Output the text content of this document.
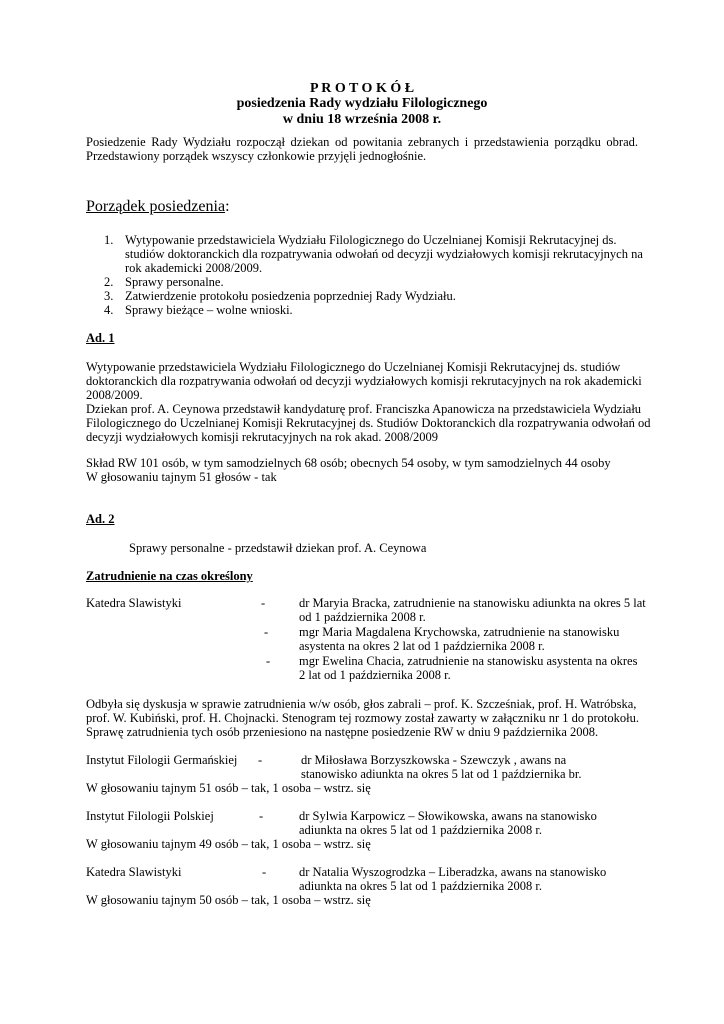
P R O T O K Ó Ł
posiedzenia Rady wydziału Filologicznego
w dniu 18 września 2008 r.
Posiedzenie Rady Wydziału rozpoczął dziekan od powitania zebranych i przedstawienia porządku obrad. Przedstawiony porządek wszyscy członkowie przyjęli jednogłośnie.
Porządek posiedzenia:
1. Wytypowanie przedstawiciela Wydziału Filologicznego do Uczelnianej Komisji Rekrutacyjnej ds.
studiów doktoranckich dla rozpatrywania odwołań od decyzji wydziałowych komisji rekrutacyjnych na
rok akademicki 2008/2009.
2. Sprawy personalne.
3. Zatwierdzenie protokołu posiedzenia poprzedniej Rady Wydziału.
4. Sprawy bieżące – wolne wnioski.
Ad. 1
Wytypowanie przedstawiciela Wydziału Filologicznego do Uczelnianej Komisji Rekrutacyjnej ds. studiów
doktoranckich dla rozpatrywania odwołań od decyzji wydziałowych komisji rekrutacyjnych na rok akademicki
2008/2009.
Dziekan prof. A. Ceynowa przedstawił kandydaturę prof. Franciszka Apanowicza na przedstawiciela Wydziału
Filologicznego do Uczelnianej Komisji Rekrutacyjnej ds. Studiów Doktoranckich dla rozpatrywania odwołań od
decyzji wydziałowych komisji rekrutacyjnych na rok akad. 2008/2009
Skład RW 101 osób, w tym samodzielnych 68 osób; obecnych 54 osoby, w tym samodzielnych 44 osoby
W głosowaniu tajnym 51 głosów - tak
Ad. 2
Sprawy personalne - przedstawił dziekan prof. A. Ceynowa
Zatrudnienie na czas określony
Katedra Slawistyki	-	dr Maryia Bracka, zatrudnienie na stanowisku adiunkta na okres 5 lat
od 1 października 2008 r.
- mgr Maria Magdalena Krychowska, zatrudnienie na stanowisku
asystenta na okres 2 lat od 1 października 2008 r.
- mgr Ewelina Chacia, zatrudnienie na stanowisku asystenta na okres
2 lat od 1 października 2008 r.
Odbyła się dyskusja w sprawie zatrudnienia w/w osób, głos zabrali – prof. K. Szcześniak, prof. H. Watróbska,
prof. W. Kubiński, prof. H. Chojnacki. Stenogram tej rozmowy został zawarty w załączniku nr 1 do protokołu.
Sprawę zatrudnienia tych osób przeniesiono na następne posiedzenie RW w dniu 9 października 2008.
Instytut Filologii Germańskiej -	dr Miłosława Borzyszkowska - Szewczyk , awans na
stanowisko adiunkta na okres 5 lat od 1 października br.
W głosowaniu tajnym 51 osób – tak, 1 osoba – wstrz. się
Instytut Filologii Polskiej	-	dr Sylwia Karpowicz – Słowikowska, awans na stanowisko
adiunkta na okres 5 lat od 1 października 2008 r.
W głosowaniu tajnym 49 osób – tak, 1 osoba – wstrz. się
Katedra Slawistyki	-	dr Natalia Wyszogrodzka – Liberadzka, awans na stanowisko
adiunkta na okres 5 lat od 1 października 2008 r.
W głosowaniu tajnym 50 osób – tak, 1 osoba – wstrz. się
